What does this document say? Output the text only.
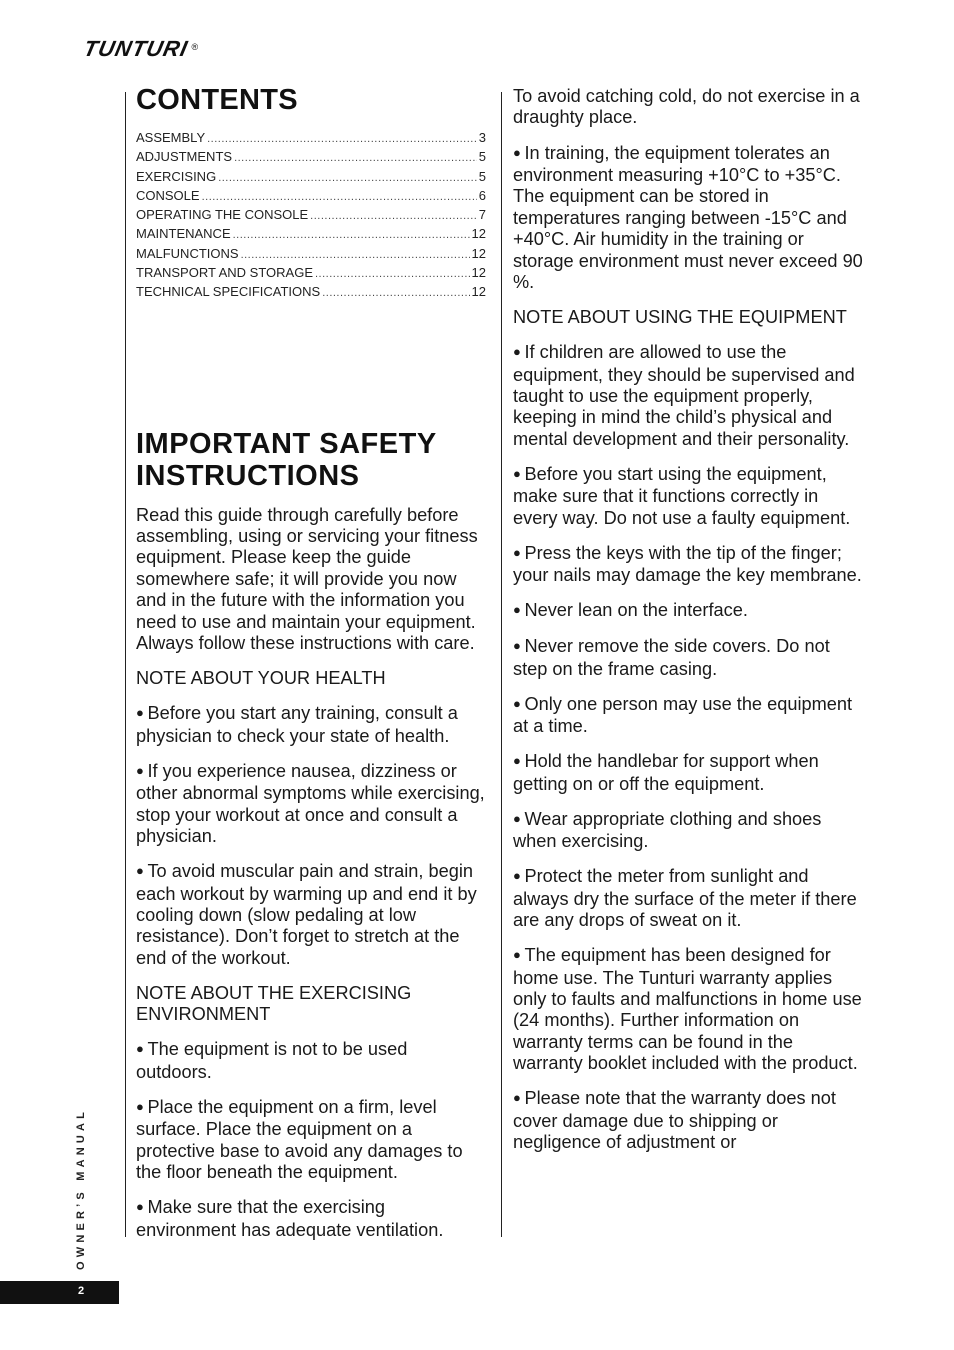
TUNTURI®
CONTENTS
ASSEMBLY .....	3
ADJUSTMENTS .....	5
EXERCISING .....	5
CONSOLE .....	6
OPERATING THE CONSOLE .....	7
MAINTENANCE .....	12
MALFUNCTIONS .....	12
TRANSPORT AND STORAGE .....	12
TECHNICAL SPECIFICATIONS .....	12
IMPORTANT SAFETY INSTRUCTIONS

Read this guide through carefully before assembling, using or servicing your fitness equipment. Please keep the guide somewhere safe; it will provide you now and in the future with the information you need to use and maintain your equipment. Always follow these instructions with care.

NOTE ABOUT YOUR HEALTH

● Before you start any training, consult a physician to check your state of health.

● If you experience nausea, dizziness or other abnormal symptoms while exercising, stop your workout at once and consult a physician.

● To avoid muscular pain and strain, begin each workout by warming up and end it by cooling down (slow pedaling at low resistance). Don’t forget to stretch at the end of the workout.

NOTE ABOUT THE EXERCISING ENVIRONMENT

● The equipment is not to be used outdoors.

● Place the equipment on a firm, level surface. Place the equipment on a protective base to avoid any damages to the floor beneath the equipment.

● Make sure that the exercising environment has adequate ventilation.

To avoid catching cold, do not exercise in a draughty place.

● In training, the equipment tolerates an environment measuring +10°C to +35°C. The equipment can be stored in temperatures ranging between -15°C and +40°C. Air humidity in the training or storage environment must never exceed 90 %.

NOTE ABOUT USING THE EQUIPMENT

● If children are allowed to use the equipment, they should be supervised and taught to use the equipment properly, keeping in mind the child’s physical and mental development and their personality.

● Before you start using the equipment, make sure that it functions correctly in every way. Do not use a faulty equipment.

● Press the keys with the tip of the finger; your nails may damage the key membrane.

● Never lean on the interface.

● Never remove the side covers. Do not step on the frame casing.

● Only one person may use the equipment at a time.

● Hold the handlebar for support when getting on or off the equipment.

● Wear appropriate clothing and shoes when exercising.

● Protect the meter from sunlight and always dry the surface of the meter if there are any drops of sweat on it.

● The equipment has been designed for home use. The Tunturi warranty applies only to faults and malfunctions in home use (24 months). Further information on warranty terms can be found in the warranty booklet included with the product.

● Please note that the warranty does not cover damage due to shipping or negligence of adjustment or

OWNER’S MANUAL
2
